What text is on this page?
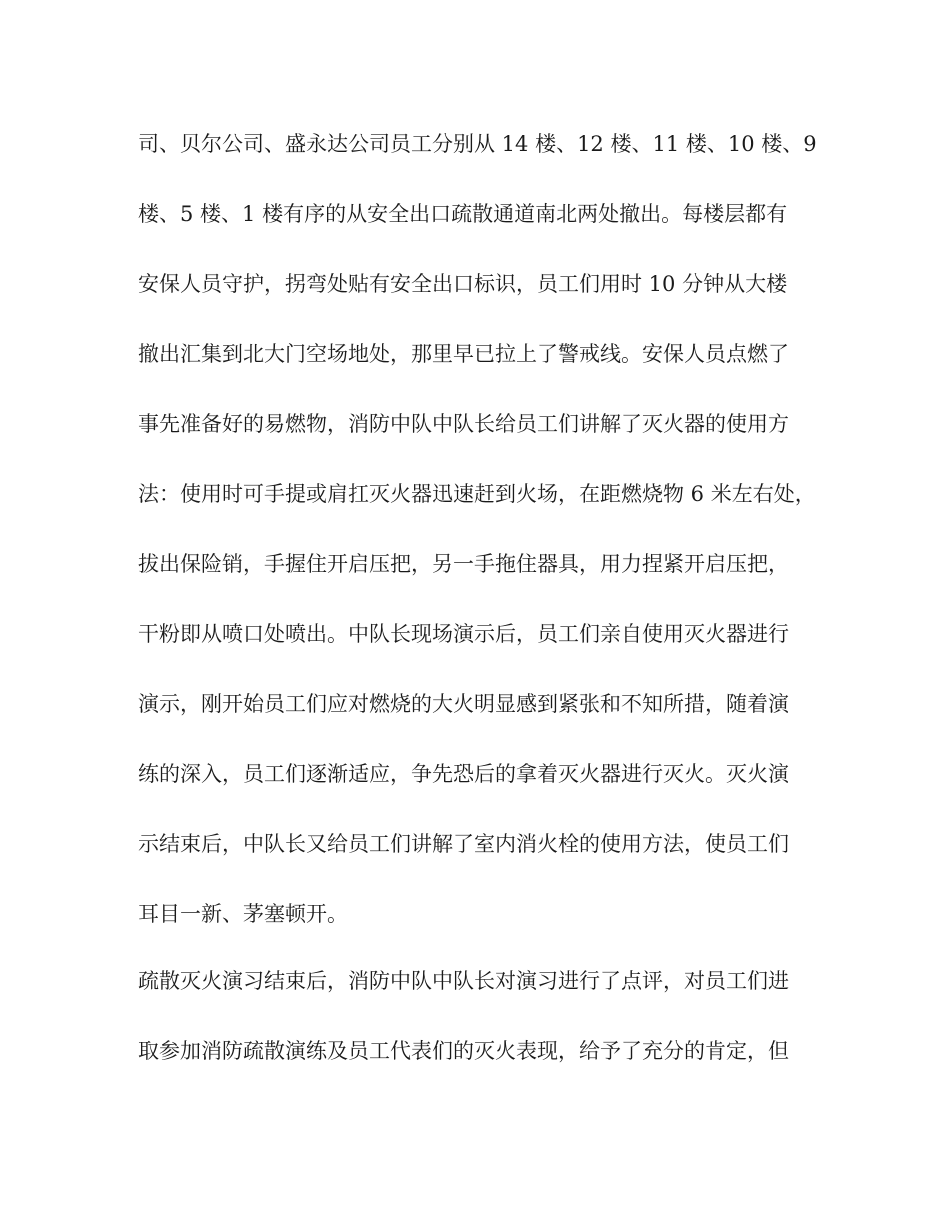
司、贝尔公司、盛永达公司员工分别从 14 楼、12 楼、11 楼、10 楼、9

楼、5 楼、1 楼有序的从安全出口疏散通道南北两处撤出。每楼层都有

安保人员守护，拐弯处贴有安全出口标识，员工们用时 10 分钟从大楼

撤出汇集到北大门空场地处，那里早已拉上了警戒线。安保人员点燃了

事先准备好的易燃物，消防中队中队长给员工们讲解了灭火器的使用方

法：使用时可手提或肩扛灭火器迅速赶到火场，在距燃烧物 6 米左右处，

拔出保险销，手握住开启压把，另一手拖住器具，用力捏紧开启压把，

干粉即从喷口处喷出。中队长现场演示后，员工们亲自使用灭火器进行

演示，刚开始员工们应对燃烧的大火明显感到紧张和不知所措，随着演

练的深入，员工们逐渐适应，争先恐后的拿着灭火器进行灭火。灭火演

示结束后，中队长又给员工们讲解了室内消火栓的使用方法，使员工们

耳目一新、茅塞顿开。

疏散灭火演习结束后，消防中队中队长对演习进行了点评，对员工们进

取参加消防疏散演练及员工代表们的灭火表现，给予了充分的肯定，但
